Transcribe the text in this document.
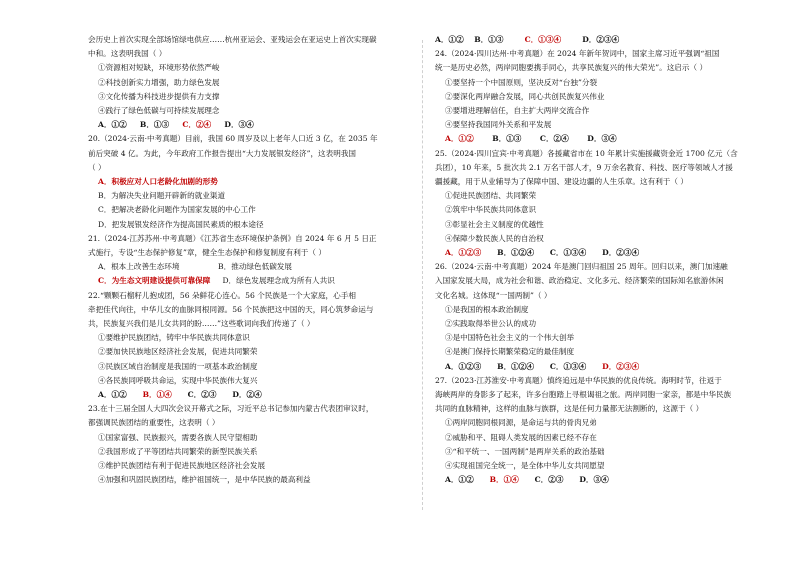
会历史上首次实现全部场馆绿电供应……杭州亚运会、亚残运会在亚运史上首次实现碳

中和。这表明我国（ ）

①资源相对短缺，环境形势依然严峻

②科技创新实力增强，助力绿色发展

③文化传播为科技进步提供有力支撑

④践行了绿色低碳与可持续发展理念

A．①② B．①③ C．②④ D．③④

20.（2024·云南·中考真题）目前，我国 60 周岁及以上老年人口近 3 亿，在 2035 年

前后突破 4 亿。为此，今年政府工作报告提出“大力发展银发经济”，这表明我国

（ ）

A．积极应对人口老龄化加剧的形势

B．为解决失业问题开辟新的就业渠道

C．把解决老龄化问题作为国家发展的中心工作

D．把发展银发经济作为提高国民素质的根本途径

21.（2024·江苏苏州·中考真题）《江苏省生态环境保护条例》自 2024 年 6 月 5 日正

式施行，专设“生态保护修复”章，健全生态保护和修复制度有利于（ ）

A．根本上改善生态环境	B．推动绿色低碳发展

C．为生态文明建设提供可靠保障 D．绿色发展理念成为所有人共识

22.“颗颗石榴籽儿抱成团，56 朵鲜花心连心。56 个民族是一个大家庭，心手相

牵把佳代向往，中华儿女的血脉同根同源。56 个民族把这中国的天，同心筑梦命运与

共，民族复兴我们是儿女共同的盼……”这些歌词向我们传递了（ ）

①要维护民族团结，铸牢中华民族共同体意识

②要加快民族地区经济社会发展，促进共同繁荣

③民族区域自治制度是我国的一项基本政治制度

④各民族同呼吸共命运，实现中华民族伟大复兴

A．①② B．①④ C．②③ D．②④

23.在十三届全国人大四次会议开幕式之际，习近平总书记参加内蒙古代表团审议时，

都强调民族团结的重要性，这表明（ ）

①国家富强、民族振兴，需要各族人民守望相助

②我国形成了平等团结共同繁荣的新型民族关系

③维护民族团结有利于促进民族地区经济社会发展

④加强和巩固民族团结，维护祖国统一，是中华民族的最高利益

A．①② B．①③	C．①③④	D．②③④

24.（2024·四川达州·中考真题）在 2024 年新年贺词中，国家主席习近平强调“祖国

统一是历史必然，两岸同胞要携手同心，共享民族复兴的伟大荣光”。这启示（ ）

①要坚持一个中国原则，坚决反对“台独”分裂

②要深化两岸融合发展，同心共创民族复兴伟业

③要增进理解信任，自主扩大两岸交流合作

④要坚持我国同外关系和平发展

A．①② B．①③ C．②④ D．③④

25.（2024·四川宜宾·中考真题）各援藏省市在 10 年累计实施援藏资金近 1700 亿元（含

兵团），10 年来，5 批次共 2.1 万名干部人才，9 万余名教育、科技、医疗等领域人才援

疆援藏，用于从业辅导为了保障中国、建设边疆的人生乐章。这有利于（ ）

①促进民族团结、共同繁荣

②筑牢中华民族共同体意识

③彰显社会主义制度的优越性

④保障少数民族人民的自治权

A．①②③ B．①②④ C．①③④ D．②③④

26.（2024·云南·中考真题）2024 年是澳门回归祖国 25 周年。回归以来，澳门加速融

入国家发展大局，成为社会和谐、政治稳定、文化多元、经济繁荣的国际知名旅游休闲

文化名城。这体现“一国两制”（ ）

①是我国的根本政治制度

②实践取得举世公认的成功

③是中国特色社会主义的一个伟大创举

④是澳门保持长期繁荣稳定的最佳制度

A．①②③ B．①②④ C．①③④ D．②③④

27.（2023·江苏淮安·中考真题）慎终追远是中华民族的优良传统。海明时节，往返于

海峡两岸的身影多了起来，许多台胞踏上寻根谒祖之旅。两岸同胞一家亲，都是中华民族

共同的血脉精神，这样的血脉与族群，这是任何力量都无法割断的，这源于（ ）

①两岸同胞同根同源，是命运与共的骨肉兄弟

②威胁和平、阻碍人类发展的因素已经不存在

③“和平统一、一国两制”是两岸关系的政治基础

④实现祖国完全统一，是全体中华儿女共同愿望

A．①② B．①④ C．②③ D．③④
